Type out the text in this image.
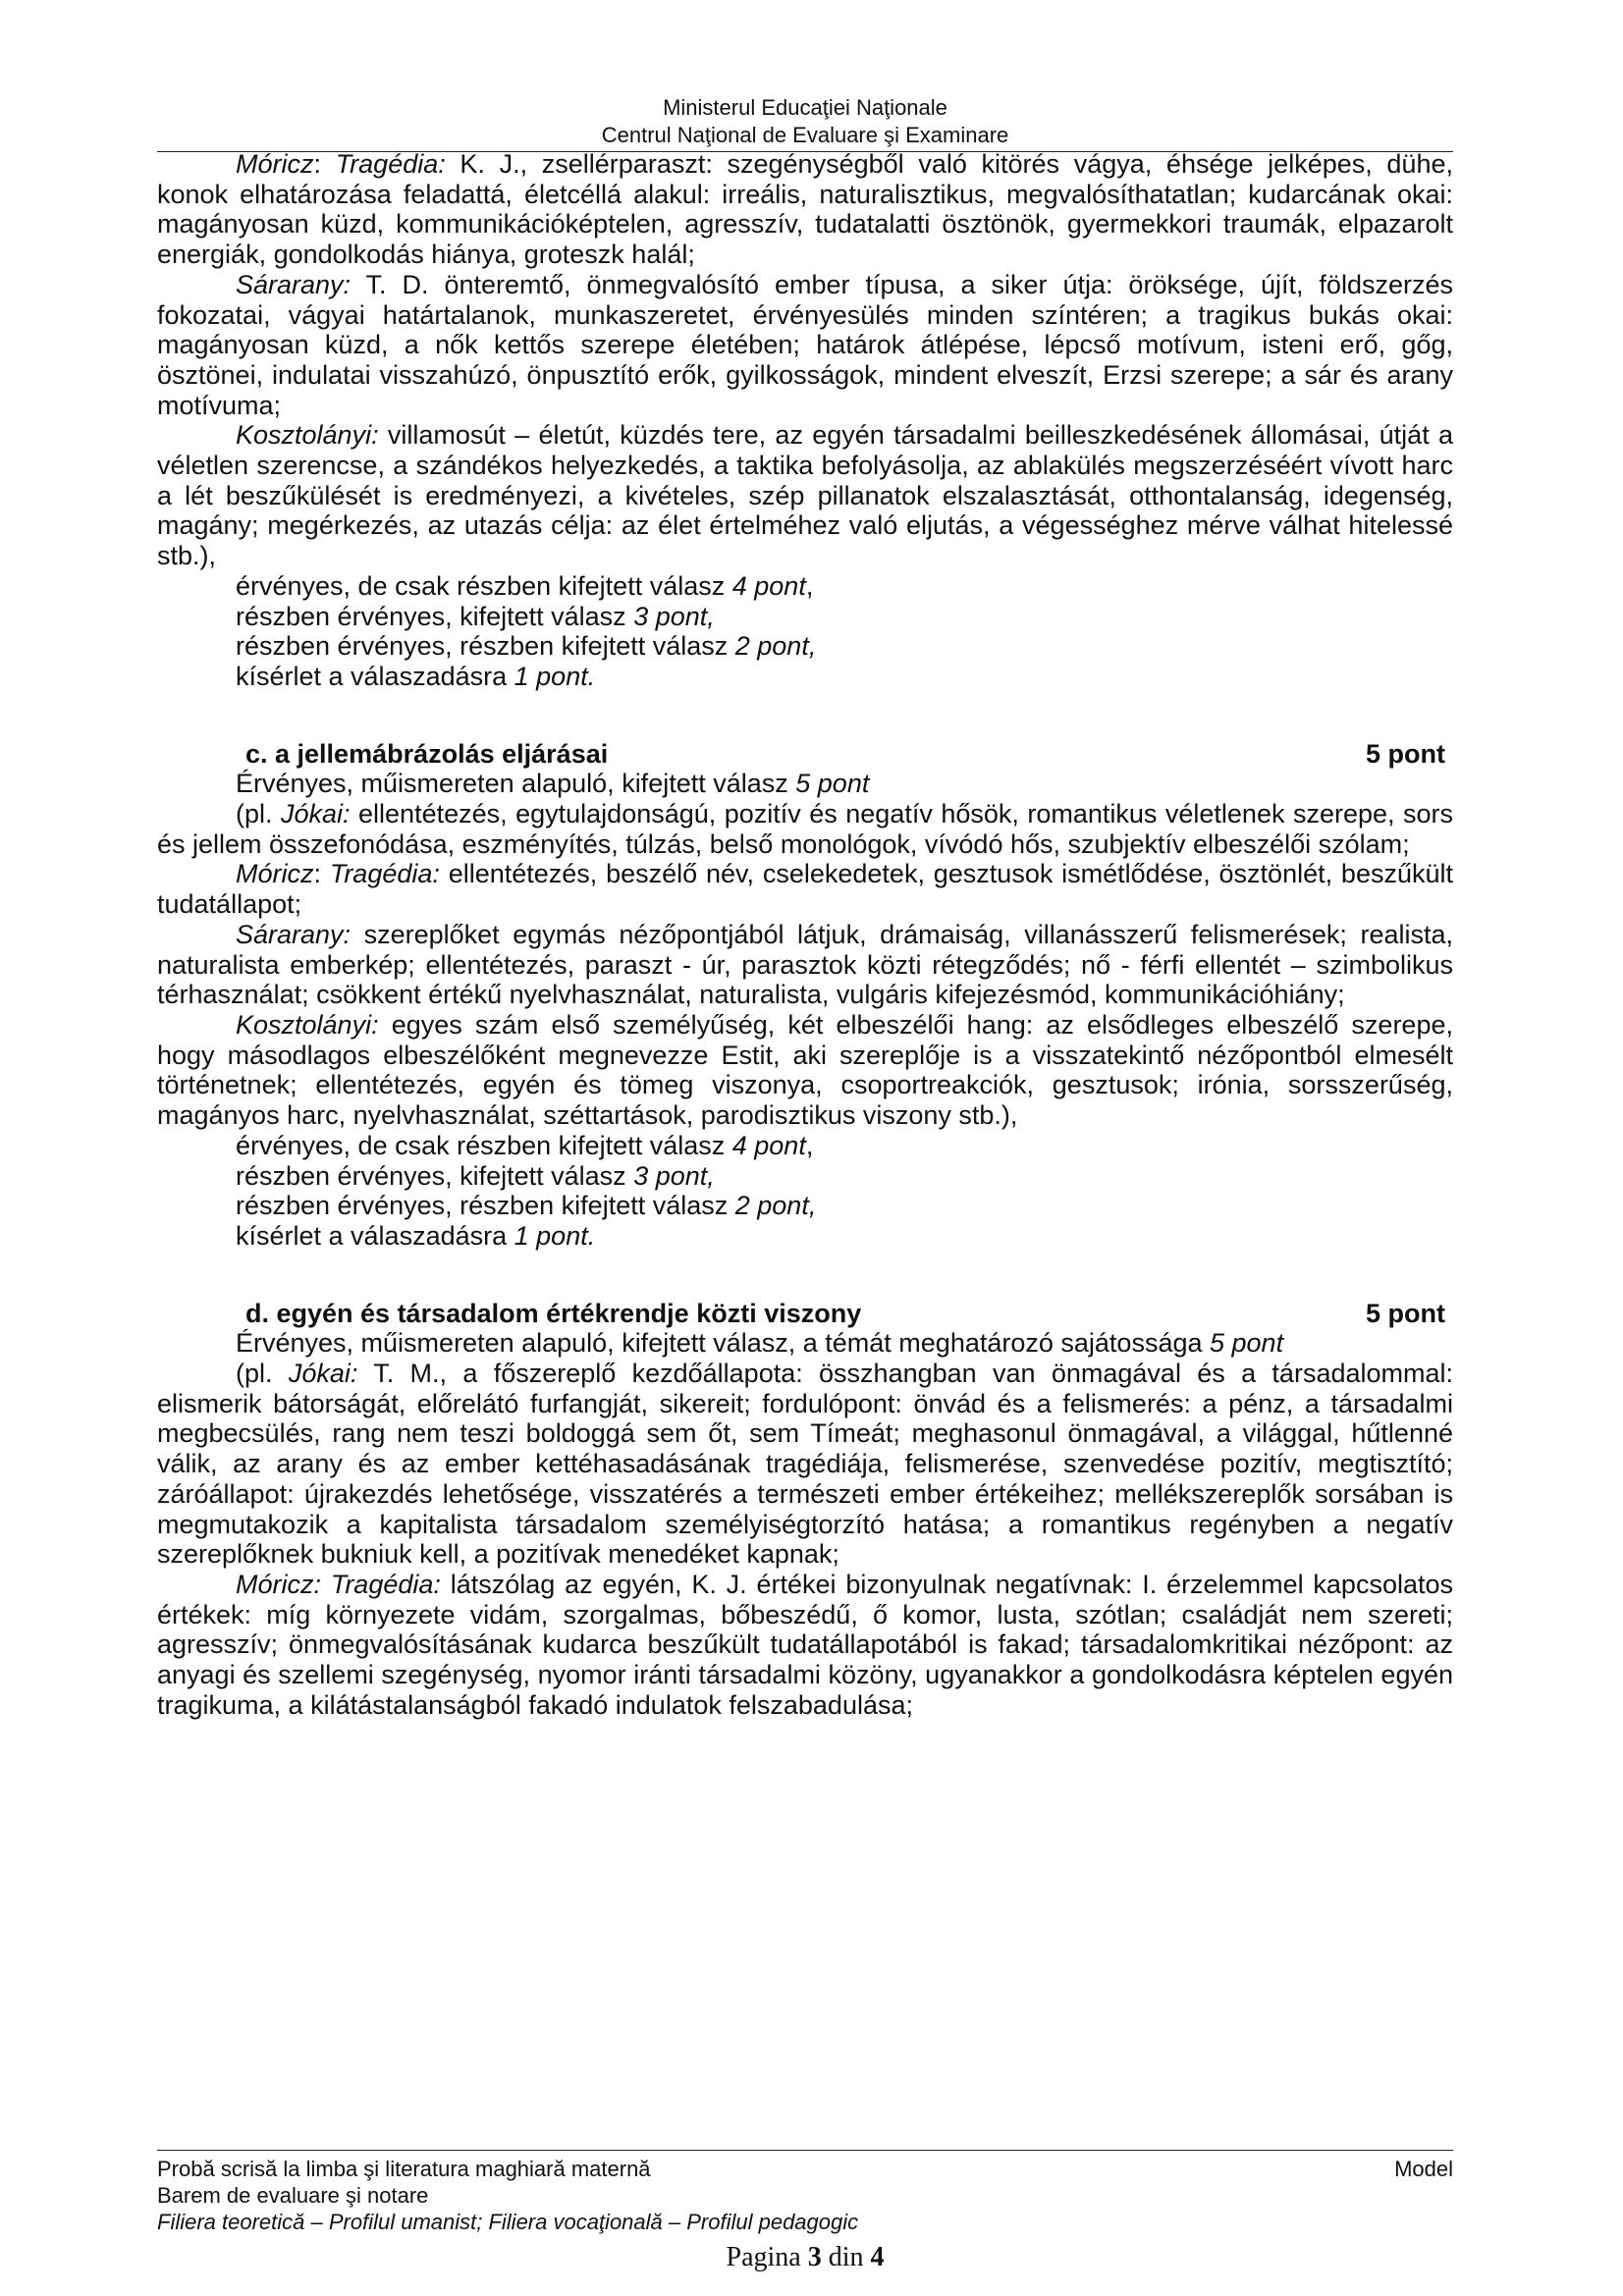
Ministerul Educaţiei Naţionale
Centrul Naţional de Evaluare şi Examinare

Móricz: Tragédia: K. J., zsellérparaszt: szegénységből való kitörés vágya, éhsége jelképes, dühe, konok elhatározása feladattá, életcéllá alakul: irreális, naturalisztikus, megvalósíthatatlan; kudarcának okai: magányosan küzd, kommunikációképtelen, agresszív, tudatalatti ösztönök, gyermekkori traumák, elpazarolt energiák, gondolkodás hiánya, groteszk halál;

Sárarany: T. D. önteremtő, önmegvalósító ember típusa, a siker útja: öröksége, újít, földszerzés fokozatai, vágyai határtalanok, munkaszeretet, érvényesülés minden színtéren; a tragikus bukás okai: magányosan küzd, a nők kettős szerepe életében; határok átlépése, lépcső motívum, isteni erő, gőg, ösztönei, indulatai visszahúzó, önpusztító erők, gyilkosságok, mindent elveszít, Erzsi szerepe; a sár és arany motívuma;

Kosztolányi: villamosút – életút, küzdés tere, az egyén társadalmi beilleszkedésének állomásai, útját a véletlen szerencse, a szándékos helyezkedés, a taktika befolyásolja, az ablakülés megszerzéséért vívott harc a lét beszűkülését is eredményezi, a kivételes, szép pillanatok elszalasztását, otthontalanság, idegenség, magány; megérkezés, az utazás célja: az élet értelméhez való eljutás, a végességhez mérve válhat hitelessé stb.),

érvényes, de csak részben kifejtett válasz 4 pont,

részben érvényes, kifejtett válasz 3 pont,

részben érvényes, részben kifejtett válasz 2 pont,

kísérlet a válaszadásra 1 pont.

c. a jellemábrázolás eljárásai	5 pont

Érvényes, műismereten alapuló, kifejtett válasz 5 pont

(pl. Jókai: ellentétezés, egytulajdonságú, pozitív és negatív hősök, romantikus véletlenek szerepe, sors és jellem összefonódása, eszményítés, túlzás, belső monológok, vívódó hős, szubjektív elbeszélői szólam;

Móricz: Tragédia: ellentétezés, beszélő név, cselekedetek, gesztusok ismétlődése, ösztönlét, beszűkült tudatállapot;

Sárarany: szereplőket egymás nézőpontjából látjuk, drámaiság, villanásszerű felismerések; realista, naturalista emberkép; ellentétezés, paraszt - úr, parasztok közti rétegződés; nő - férfi ellentét – szimbolikus térhasználat; csökkent értékű nyelvhasználat, naturalista, vulgáris kifejezésmód, kommunikációhiány;

Kosztolányi: egyes szám első személyűség, két elbeszélői hang: az elsődleges elbeszélő szerepe, hogy másodlagos elbeszélőként megnevezze Estit, aki szereplője is a visszatekintő nézőpontból elmesélt történetnek; ellentétezés, egyén és tömeg viszonya, csoportreakciók, gesztusok; irónia, sorsszerűség, magányos harc, nyelvhasználat, széttartások, parodisztikus viszony stb.),

érvényes, de csak részben kifejtett válasz 4 pont,

részben érvényes, kifejtett válasz 3 pont,

részben érvényes, részben kifejtett válasz 2 pont,

kísérlet a válaszadásra 1 pont.

d. egyén és társadalom értékrendje közti viszony	5 pont

Érvényes, műismereten alapuló, kifejtett válasz, a témát meghatározó sajátossága 5 pont

(pl. Jókai: T. M., a főszereplő kezdőállapota: összhangban van önmagával és a társadalommal: elismerik bátorságát, előrelátó furfangját, sikereit; fordulópont: önvád és a felismerés: a pénz, a társadalmi megbecsülés, rang nem teszi boldoggá sem őt, sem Tímeát; meghasonul önmagával, a világgal, hűtlenné válik, az arany és az ember kettéhasadásának tragédiája, felismerése, szenvedése pozitív, megtisztító; záróállapot: újrakezdés lehetősége, visszatérés a természeti ember értékeihez; mellékszereplők sorsában is megmutakozik a kapitalista társadalom személyiségtorzító hatása; a romantikus regényben a negatív szereplőknek bukniuk kell, a pozitívak menedéket kapnak;

Móricz: Tragédia: látszólag az egyén, K. J. értékei bizonyulnak negatívnak: I. érzelemmel kapcsolatos értékek: míg környezete vidám, szorgalmas, bőbeszédű, ő komor, lusta, szótlan; családját nem szereti; agresszív; önmegvalósításának kudarca beszűkült tudatállapotából is fakad; társadalomkritikai nézőpont: az anyagi és szellemi szegénység, nyomor iránti társadalmi közöny, ugyanakkor a gondolkodásra képtelen egyén tragikuma, a kilátástalanságból fakadó indulatok felszabadulása;

Probă scrisă la limba şi literatura maghiară maternă	Model
Barem de evaluare şi notare
Filiera teoretică – Profilul umanist; Filiera vocaţională – Profilul pedagogic
Pagina 3 din 4
